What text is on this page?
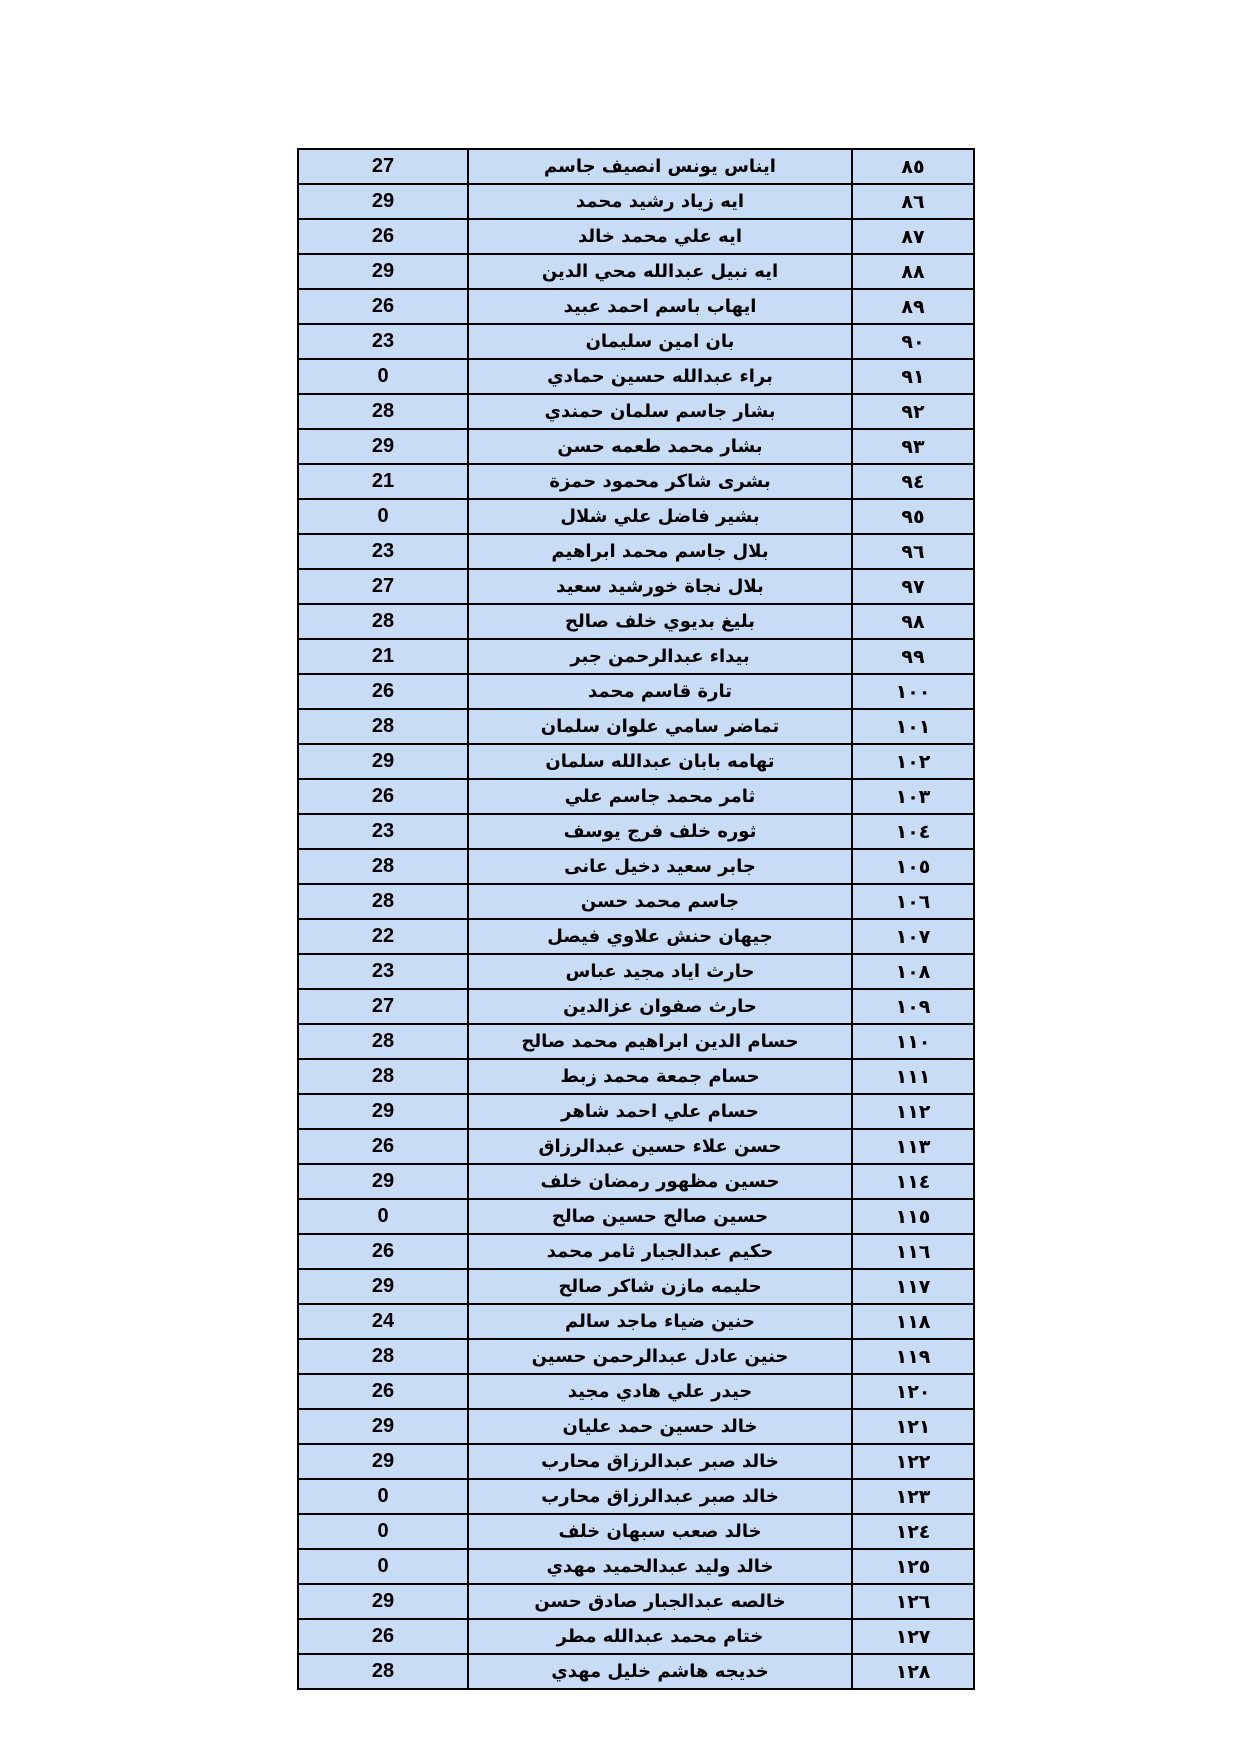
٨٥	ايناس يونس انصيف جاسم	27
٨٦	ايه زياد رشيد محمد	29
٨٧	ايه علي محمد خالد	26
٨٨	ايه نبيل عبدالله محي الدين	29
٨٩	ايهاب باسم احمد عبيد	26
٩٠	بان امين سليمان	23
٩١	براء عبدالله حسين حمادي	0
٩٢	بشار جاسم سلمان حمندي	28
٩٣	بشار محمد طعمه حسن	29
٩٤	بشرى شاكر محمود حمزة	21
٩٥	بشير فاضل علي شلال	0
٩٦	بلال جاسم محمد ابراهيم	23
٩٧	بلال نجاة خورشيد سعيد	27
٩٨	بليغ بديوي خلف صالح	28
٩٩	بيداء عبدالرحمن جبر	21
١٠٠	تارة قاسم محمد	26
١٠١	تماضر سامي علوان سلمان	28
١٠٢	تهامه بابان عبدالله سلمان	29
١٠٣	ثامر محمد جاسم علي	26
١٠٤	ثوره خلف فرج يوسف	23
١٠٥	جابر سعيد دخيل عانى	28
١٠٦	جاسم محمد حسن	28
١٠٧	جيهان حنش علاوي فيصل	22
١٠٨	حارث اياد مجيد عباس	23
١٠٩	حارث صفوان عزالدين	27
١١٠	حسام الدين ابراهيم محمد صالح	28
١١١	حسام جمعة محمد زبط	28
١١٢	حسام علي احمد شاهر	29
١١٣	حسن علاء حسين عبدالرزاق	26
١١٤	حسين مظهور رمضان خلف	29
١١٥	حسين صالح حسين صالح	0
١١٦	حكيم عبدالجبار ثامر محمد	26
١١٧	حليمه مازن شاكر صالح	29
١١٨	حنين ضياء ماجد سالم	24
١١٩	حنين عادل عبدالرحمن حسين	28
١٢٠	حيدر علي هادي مجيد	26
١٢١	خالد حسين حمد عليان	29
١٢٢	خالد صبر عبدالرزاق محارب	29
١٢٣	خالد صبر عبدالرزاق محارب	0
١٢٤	خالد صعب سبهان خلف	0
١٢٥	خالد وليد عبدالحميد مهدي	0
١٢٦	خالصه عبدالجبار صادق حسن	29
١٢٧	ختام محمد عبدالله مطر	26
١٢٨	خديجه هاشم خليل مهدي	28
